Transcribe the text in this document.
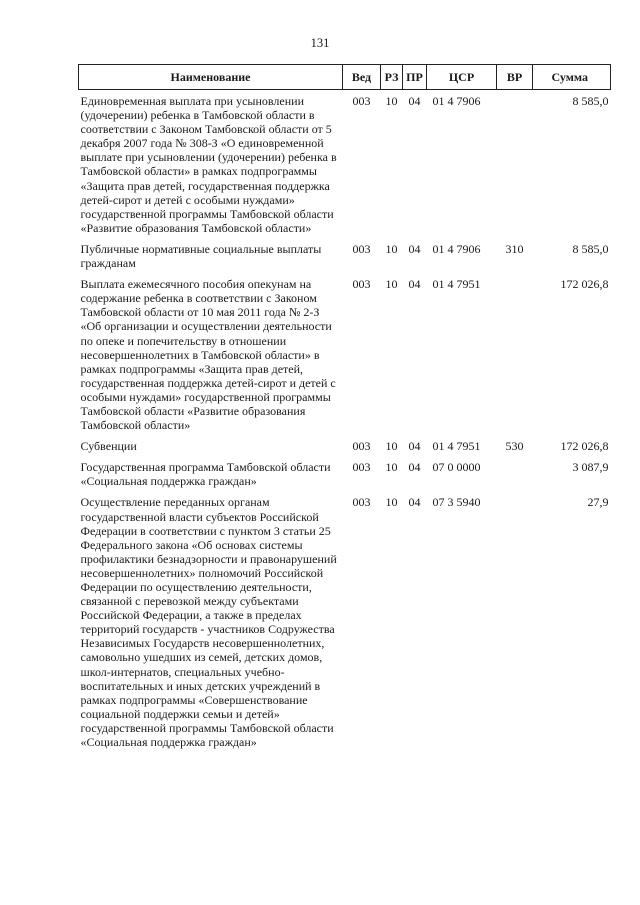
131
Наименование	Вед	РЗ	ПР	ЦСР	ВР	Сумма
Единовременная выплата при усыновлении (удочерении) ребенка в Тамбовской области в соответствии с Законом Тамбовской области от 5 декабря 2007 года № 308-З «О единовременной выплате при усыновлении (удочерении) ребенка в Тамбовской области» в рамках подпрограммы «Защита прав детей, государственная поддержка детей-сирот и детей с особыми нуждами» государственной программы Тамбовской области «Развитие образования Тамбовской области»	003	10	04	01 4 7906		8 585,0
Публичные нормативные социальные выплаты гражданам	003	10	04	01 4 7906	310	8 585,0
Выплата ежемесячного пособия опекунам на содержание ребенка в соответствии с Законом Тамбовской области от 10 мая 2011 года № 2-З «Об организации и осуществлении деятельности по опеке и попечительству в отношении несовершеннолетних в Тамбовской области» в рамках подпрограммы «Защита прав детей, государственная поддержка детей-сирот и детей с особыми нуждами» государственной программы Тамбовской области «Развитие образования Тамбовской области»	003	10	04	01 4 7951		172 026,8
Субвенции	003	10	04	01 4 7951	530	172 026,8
Государственная программа Тамбовской области «Социальная поддержка граждан»	003	10	04	07 0 0000		3 087,9
Осуществление переданных органам государственной власти субъектов Российской Федерации в соответствии с пунктом 3 статьи 25 Федерального закона «Об основах системы профилактики безнадзорности и правонарушений несовершеннолетних» полномочий Российской Федерации по осуществлению деятельности, связанной с перевозкой между субъектами Российской Федерации, а также в пределах территорий государств - участников Содружества Независимых Государств несовершеннолетних, самовольно ушедших из семей, детских домов, школ-интернатов, специальных учебно-воспитательных и иных детских учреждений в рамках подпрограммы «Совершенствование социальной поддержки семьи и детей» государственной программы Тамбовской области «Социальная поддержка граждан»	003	10	04	07 3 5940		27,9
